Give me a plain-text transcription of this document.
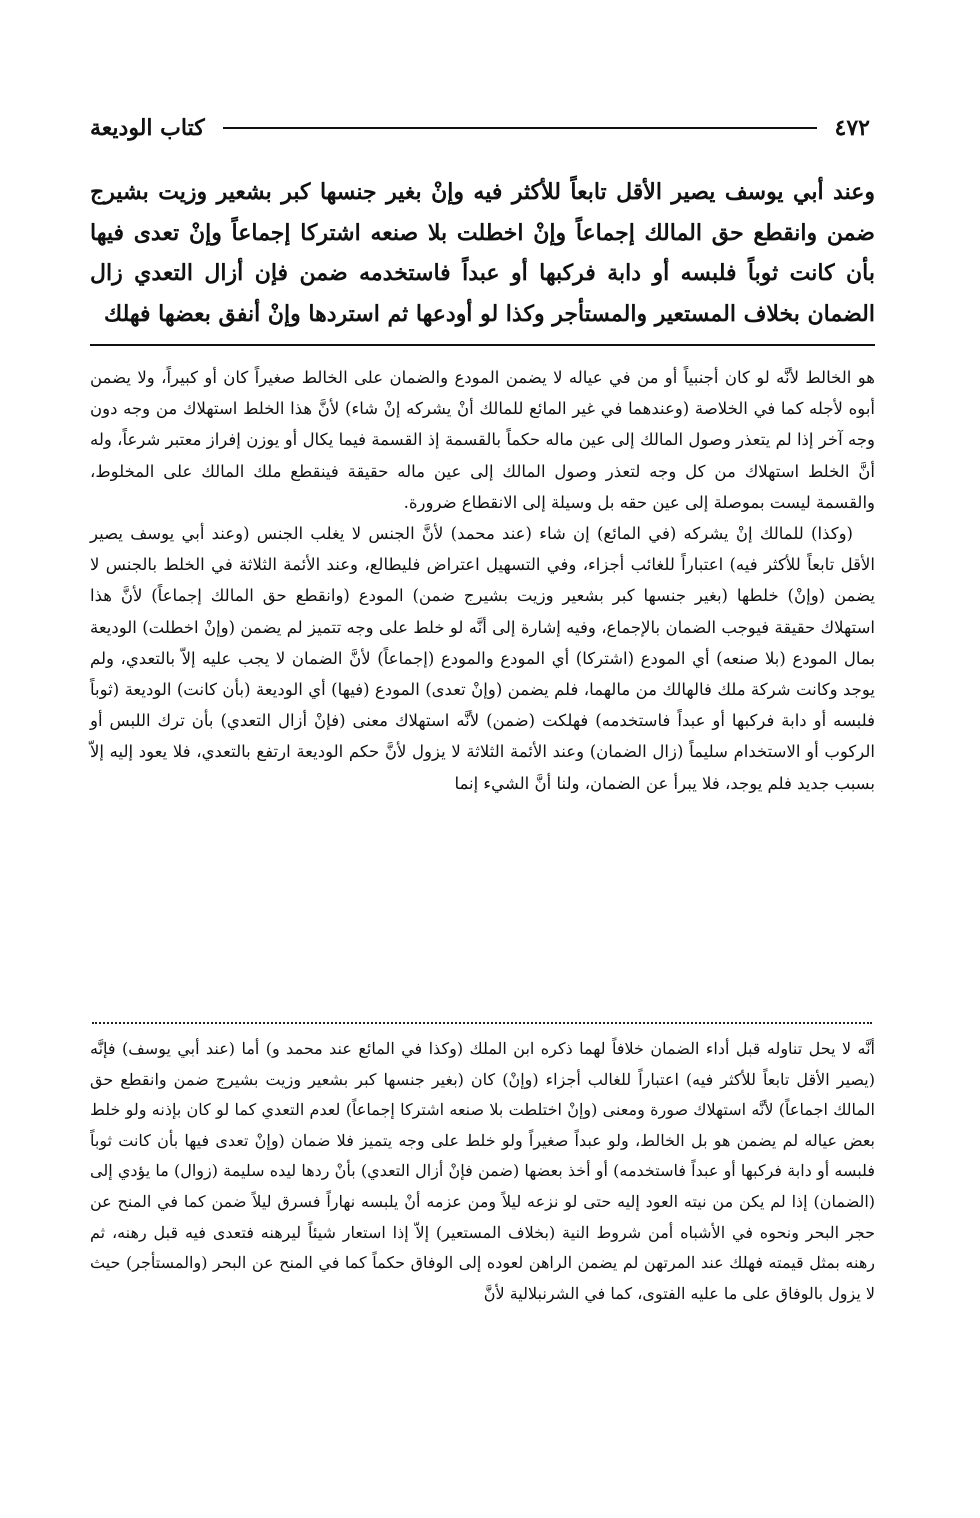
٤٧٢
كتاب الوديعة

وعند أبي يوسف يصير الأقل تابعاً للأكثر فيه وإنْ بغير جنسها كبر بشعير وزيت بشيرج ضمن وانقطع حق المالك إجماعاً وإنْ اخطلت بلا صنعه اشتركا إجماعاً وإنْ تعدى فيها بأن كانت ثوباً فلبسه أو دابة فركبها أو عبداً فاستخدمه ضمن فإن أزال التعدي زال الضمان بخلاف المستعير والمستأجر وكذا لو أودعها ثم استردها وإنْ أنفق بعضها فهلك

هو الخالط لأنَّه لو كان أجنبياً أو من في عياله لا يضمن المودع والضمان على الخالط صغيراً كان أو كبيراً، ولا يضمن أبوه لأجله كما في الخلاصة (وعندهما في غير المائع للمالك أنْ يشركه إنْ شاء) لأنَّ هذا الخلط استهلاك من وجه دون وجه آخر إذا لم يتعذر وصول المالك إلى عين ماله حكماً بالقسمة إذ القسمة فيما يكال أو يوزن إفراز معتبر شرعاً، وله أنَّ الخلط استهلاك من كل وجه لتعذر وصول المالك إلى عين ماله حقيقة فينقطع ملك المالك على المخلوط، والقسمة ليست بموصلة إلى عين حقه بل وسيلة إلى الانقطاع ضرورة.

(وكذا) للمالك إنْ يشركه (في المائع) إن شاء (عند محمد) لأنَّ الجنس لا يغلب الجنس (وعند أبي يوسف يصير الأقل تابعاً للأكثر فيه) اعتباراً للغائب أجزاء، وفي التسهيل اعتراض فليطالع، وعند الأئمة الثلاثة في الخلط بالجنس لا يضمن (وإنْ) خلطها (بغير جنسها كبر بشعير وزيت بشيرج ضمن) المودع (وانقطع حق المالك إجماعاً) لأنَّ هذا استهلاك حقيقة فيوجب الضمان بالإجماع، وفيه إشارة إلى أنَّه لو خلط على وجه تتميز لم يضمن (وإنْ اخطلت) الوديعة بمال المودع (بلا صنعه) أي المودع (اشتركا) أي المودع والمودع (إجماعاً) لأنَّ الضمان لا يجب عليه إلاّ بالتعدي، ولم يوجد وكانت شركة ملك فالهالك من مالهما، فلم يضمن (وإنْ تعدى) المودع (فيها) أي الوديعة (بأن كانت) الوديعة (ثوباً فلبسه أو دابة فركبها أو عبداً فاستخدمه) فهلكت (ضمن) لأنَّه استهلاك معنى (فإنْ أزال التعدي) بأن ترك اللبس أو الركوب أو الاستخدام سليماً (زال الضمان) وعند الأئمة الثلاثة لا يزول لأنَّ حكم الوديعة ارتفع بالتعدي، فلا يعود إليه إلاّ بسبب جديد فلم يوجد، فلا يبرأ عن الضمان، ولنا أنَّ الشيء إنما

أنَّه لا يحل تناوله قبل أداء الضمان خلافاً لهما ذكره ابن الملك (وكذا في المائع عند محمد و) أما (عند أبي يوسف) فإنَّه (يصير الأقل تابعاً للأكثر فيه) اعتباراً للغالب أجزاء (وإنْ) كان (بغير جنسها كبر بشعير وزيت بشيرج ضمن وانقطع حق المالك اجماعاً) لأنَّه استهلاك صورة ومعنى (وإنْ اختلطت بلا صنعه اشتركا إجماعاً) لعدم التعدي كما لو كان بإذنه ولو خلط بعض عياله لم يضمن هو بل الخالط، ولو عبداً صغيراً ولو خلط على وجه يتميز فلا ضمان (وإنْ تعدى فيها بأن كانت ثوباً فلبسه أو دابة فركبها أو عبداً فاستخدمه) أو أخذ بعضها (ضمن فإنْ أزال التعدي) بأنْ ردها ليده سليمة (زوال) ما يؤدي إلى (الضمان) إذا لم يكن من نيته العود إليه حتى لو نزعه ليلاً ومن عزمه أنْ يلبسه نهاراً فسرق ليلاً ضمن كما في المنح عن حجر البحر ونحوه في الأشباه أمن شروط النية (بخلاف المستعير) إلاّ إذا استعار شيئاً ليرهنه فتعدى فيه قبل رهنه، ثم رهنه بمثل قيمته فهلك عند المرتهن لم يضمن الراهن لعوده إلى الوفاق حكماً كما في المنح عن البحر (والمستأجر) حيث لا يزول بالوفاق على ما عليه الفتوى، كما في الشرنبلالية لأنَّ
